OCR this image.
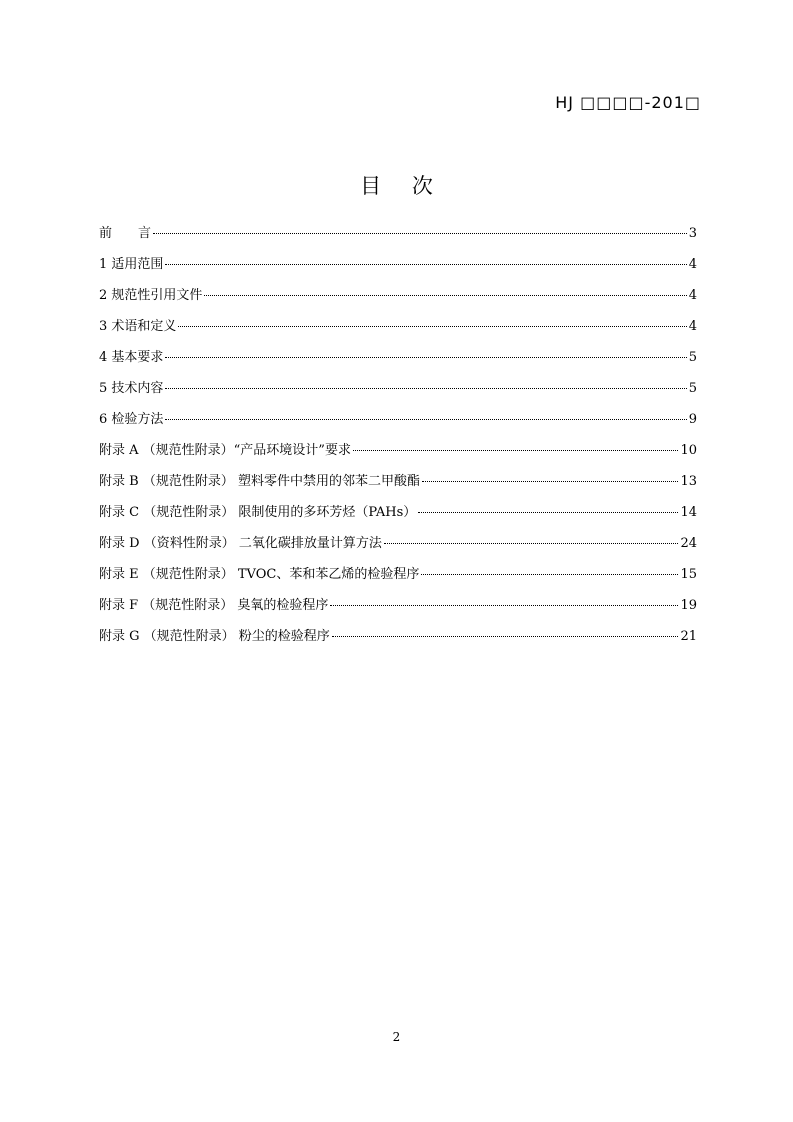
HJ □□□□-201□
目 次
前　　言	3
1 适用范围	4
2 规范性引用文件	4
3 术语和定义	4
4 基本要求	5
5 技术内容	5
6 检验方法	9
附录 A （规范性附录）“产品环境设计”要求	10
附录 B （规范性附录） 塑料零件中禁用的邻苯二甲酸酯	13
附录 C （规范性附录） 限制使用的多环芳烃（PAHs）	14
附录 D （资料性附录） 二氧化碳排放量计算方法	24
附录 E （规范性附录） TVOC、苯和苯乙烯的检验程序	15
附录 F （规范性附录） 臭氧的检验程序	19
附录 G （规范性附录） 粉尘的检验程序	21
2
